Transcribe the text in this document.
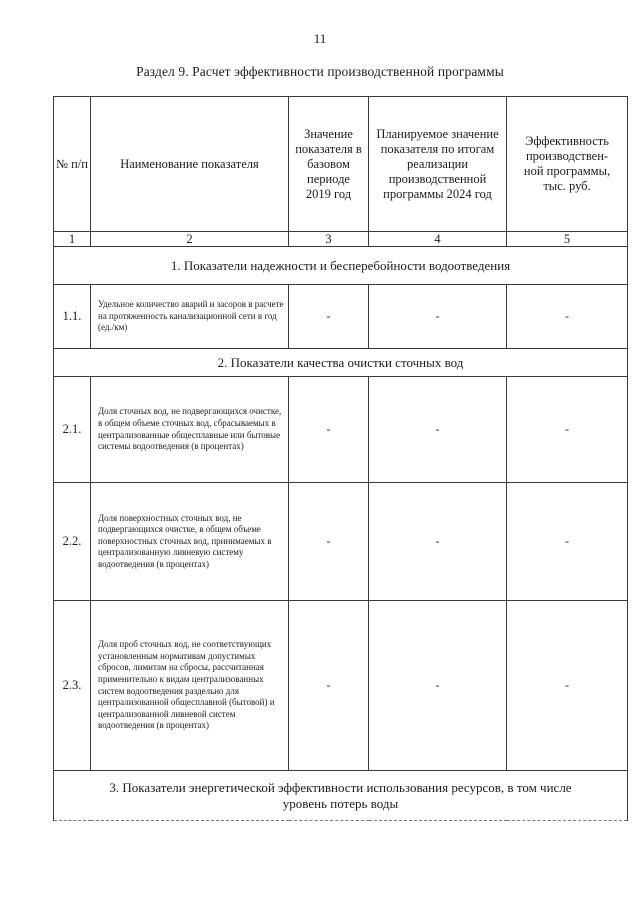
11
Раздел 9. Расчет эффективности производственной программы
№ п/п	Наименование показателя	Значение показателя в базовом периоде 2019 год	Планируемое значение показателя по итогам реализации производственной программы 2024 год	Эффективность производствен-ной программы, тыс. руб.
1	2	3	4	5
1. Показатели надежности и бесперебойности водоотведения				
1.1.	Удельное количество аварий и засоров в расчете на протяженность канализационной сети в год (ед./км)	-	-	-
2. Показатели качества очистки сточных вод				
2.1.	Доля сточных вод, не подвергающихся очистке, в общем объеме сточных вод, сбрасываемых в централизованные общесплавные или бытовые системы водоотведения (в процентах)	-	-	-
2.2.	Доля поверхностных сточных вод, не подвергающихся очистке, в общем объеме поверхностных сточных вод, принимаемых в централизованную ливневую систему водоотведения (в процентах)	-	-	-
2.3.	Доля проб сточных вод, не соответствующих установленным нормативам допустимых сбросов, лимитам на сбросы, рассчитанная применительно к видам централизованных систем водоотведения раздельно для централизованной общесплавной (бытовой) и централизованной ливневой систем водоотведения (в процентах)	-	-	-
3. Показатели энергетической эффективности использования ресурсов, в том числе уровень потерь воды				
